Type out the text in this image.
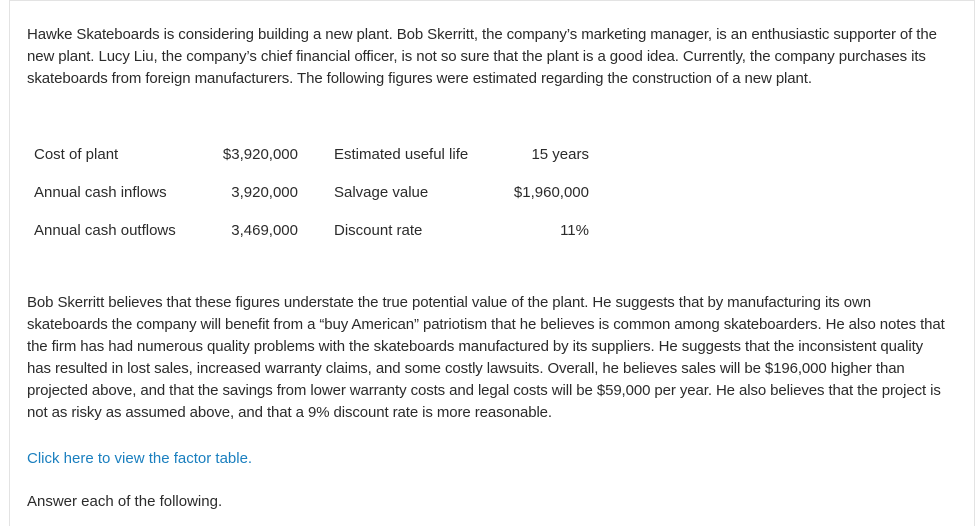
Hawke Skateboards is considering building a new plant. Bob Skerritt, the company’s marketing manager, is an enthusiastic supporter of the new plant. Lucy Liu, the company’s chief financial officer, is not so sure that the plant is a good idea. Currently, the company purchases its skateboards from foreign manufacturers. The following figures were estimated regarding the construction of a new plant.

Cost of plant	$3,920,000 Estimated useful life	15 years
Annual cash inflows	3,920,000 Salvage value	$1,960,000
Annual cash outflows	3,469,000 Discount rate	11%

Bob Skerritt believes that these figures understate the true potential value of the plant. He suggests that by manufacturing its own skateboards the company will benefit from a “buy American” patriotism that he believes is common among skateboarders. He also notes that the firm has had numerous quality problems with the skateboards manufactured by its suppliers. He suggests that the inconsistent quality has resulted in lost sales, increased warranty claims, and some costly lawsuits. Overall, he believes sales will be $196,000 higher than projected above, and that the savings from lower warranty costs and legal costs will be $59,000 per year. He also believes that the project is not as risky as assumed above, and that a 9% discount rate is more reasonable.

Click here to view the factor table.
Answer each of the following.
